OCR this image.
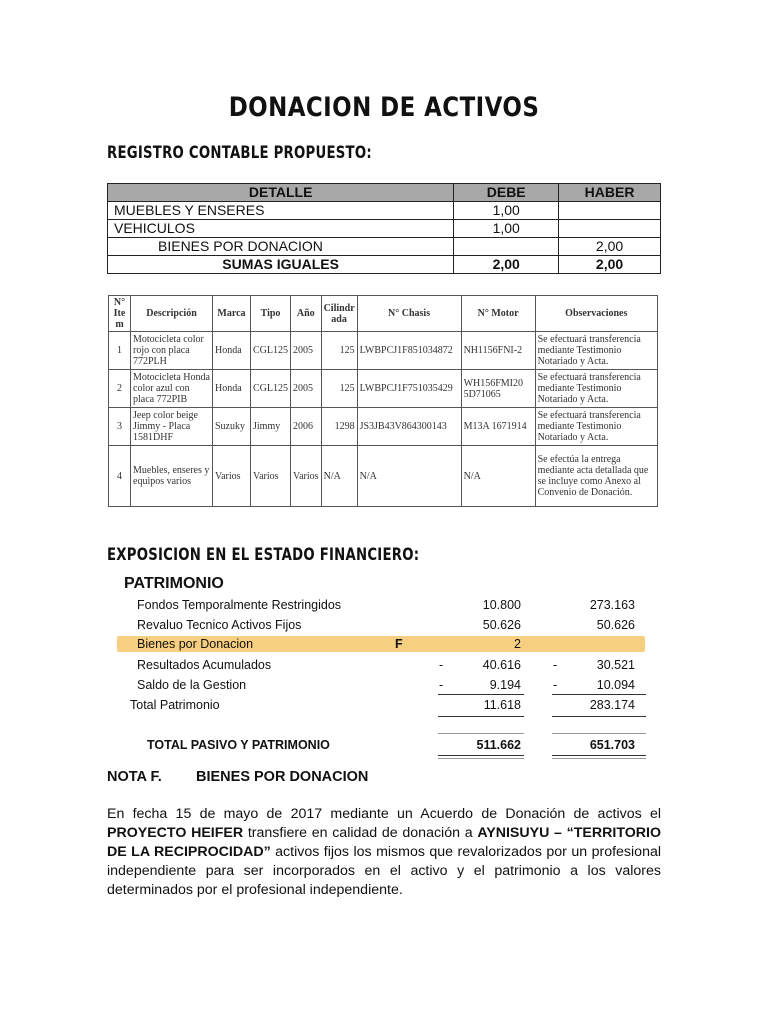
DONACION DE ACTIVOS
REGISTRO CONTABLE PROPUESTO:
DETALLE	DEBE	HABER
MUEBLES Y ENSERES	1,00	
VEHICULOS	1,00	
BIENES POR DONACION		2,00
SUMAS IGUALES	2,00	2,00
N° Ite m	Descripción	Marca	Tipo	Año	Cilindr ada	N° Chasis	N° Motor	Observaciones
1	Motocicleta color rojo con placa 772PLH	Honda	CGL125	2005	125	LWBPCJ1F851034872	NH1156FNI-2	Se efectuará transferencia mediante Testimonio Notariado y Acta.
2	Motocicleta Honda color azul con placa 772PIB	Honda	CGL125	2005	125	LWBPCJ1F751035429	WH156FMI20 5D71065	Se efectuará transferencia mediante Testimonio Notariado y Acta.
3	Jeep color beige Jimmy - Placa 1581DHF	Suzuky	Jimmy	2006	1298	JS3JB43V864300143	M13A 1671914	Se efectuará transferencia mediante Testimonio Notariado y Acta.
4	Muebles, enseres y equipos varios	Varios	Varios	Varios	N/A	N/A	N/A	Se efectúa la entrega mediante acta detallada que se incluye como Anexo al Convenio de Donación.
EXPOSICION EN EL ESTADO FINANCIERO:
PATRIMONIO
Fondos Temporalmente Restringidos	10.800	273.163
Revaluo Tecnico Activos Fijos	50.626	50.626
Bienes por Donacion	F	2
Resultados Acumulados	-	40.616	-	30.521
Saldo de la Gestion	-	9.194	-	10.094
Total Patrimonio	11.618	283.174
TOTAL PASIVO Y PATRIMONIO	511.662	651.703
NOTA F. BIENES POR DONACION
En fecha 15 de mayo de 2017 mediante un Acuerdo de Donación de activos el PROYECTO HEIFER transfiere en calidad de donación a AYNISUYU – “TERRITORIO DE LA RECIPROCIDAD” activos fijos los mismos que revalorizados por un profesional independiente para ser incorporados en el activo y el patrimonio a los valores determinados por el profesional independiente.
